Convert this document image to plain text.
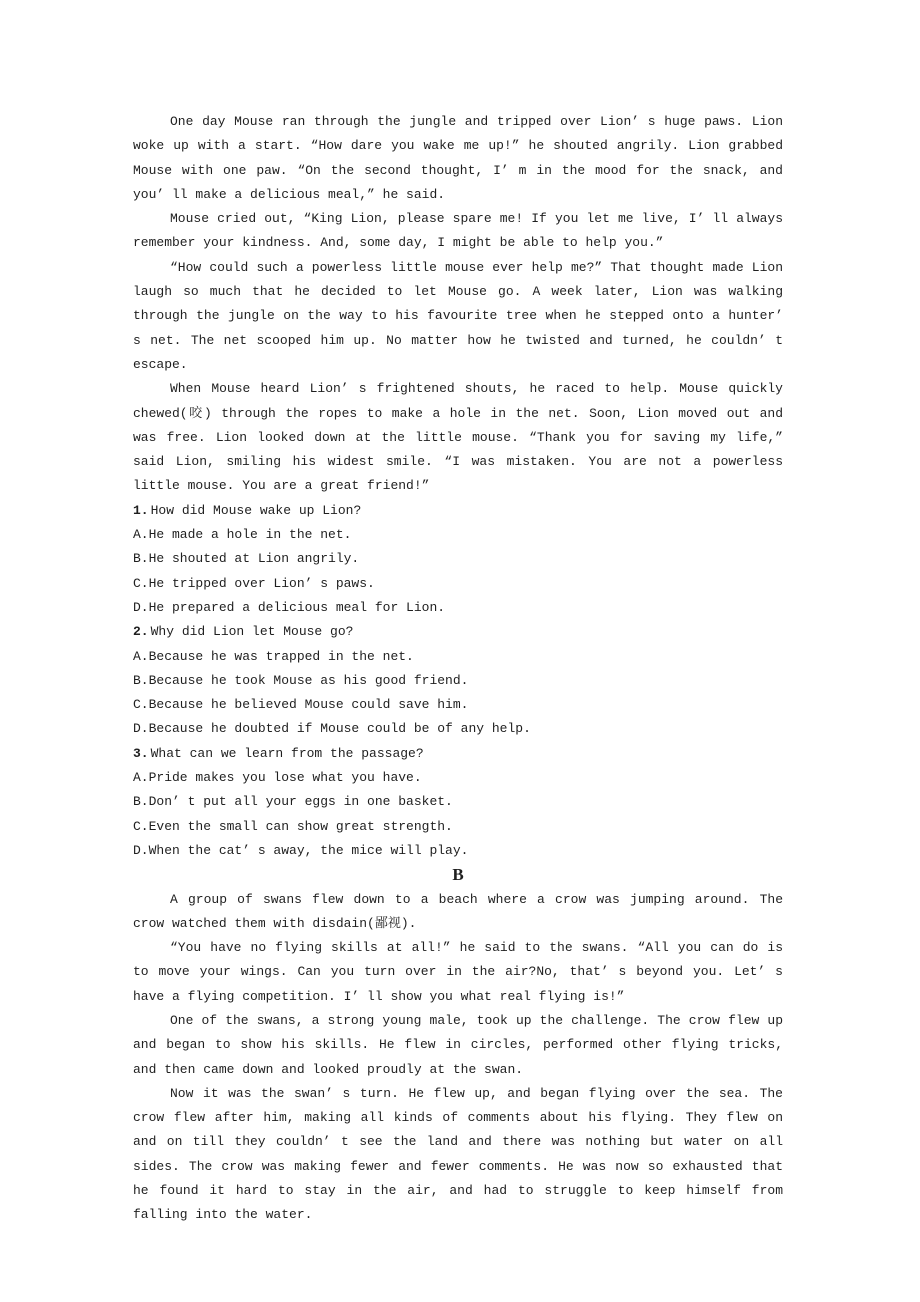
One day Mouse ran through the jungle and tripped over Lion’ s huge paws. Lion woke up with a start. “How dare you wake me up!” he shouted angrily. Lion grabbed Mouse with one paw. “On the second thought, I’ m in the mood for the snack, and you’ ll make a delicious meal,” he said.

Mouse cried out, “King Lion, please spare me! If you let me live, I’ ll always remember your kindness. And, some day, I might be able to help you.”

“How could such a powerless little mouse ever help me?” That thought made Lion laugh so much that he decided to let Mouse go. A week later, Lion was walking through the jungle on the way to his favourite tree when he stepped onto a hunter’ s net. The net scooped him up. No matter how he twisted and turned, he couldn’ t escape.

When Mouse heard Lion’ s frightened shouts, he raced to help. Mouse quickly chewed(咬) through the ropes to make a hole in the net. Soon, Lion moved out and was free. Lion looked down at the little mouse. “Thank you for saving my life,” said Lion, smiling his widest smile. “I was mistaken. You are not a powerless little mouse. You are a great friend!”

1. How did Mouse wake up Lion?
A.He made a hole in the net.
B.He shouted at Lion angrily.
C.He tripped over Lion’ s paws.
D.He prepared a delicious meal for Lion.
2. Why did Lion let Mouse go?
A.Because he was trapped in the net.
B.Because he took Mouse as his good friend.
C.Because he believed Mouse could save him.
D.Because he doubted if Mouse could be of any help.
3. What can we learn from the passage?
A.Pride makes you lose what you have.
B.Don’ t put all your eggs in one basket.
C.Even the small can show great strength.
D.When the cat’ s away, the mice will play.
B

A group of swans flew down to a beach where a crow was jumping around. The crow watched them with disdain(鄙视).

“You have no flying skills at all!” he said to the swans. “All you can do is to move your wings. Can you turn over in the air?No, that’ s beyond you. Let’ s have a flying competition. I’ ll show you what real flying is!”

One of the swans, a strong young male, took up the challenge. The crow flew up and began to show his skills. He flew in circles, performed other flying tricks, and then came down and looked proudly at the swan.

Now it was the swan’ s turn. He flew up, and began flying over the sea. The crow flew after him, making all kinds of comments about his flying. They flew on and on till they couldn’ t see the land and there was nothing but water on all sides. The crow was making fewer and fewer comments. He was now so exhausted that he found it hard to stay in the air, and had to struggle to keep himself from falling into the water.
